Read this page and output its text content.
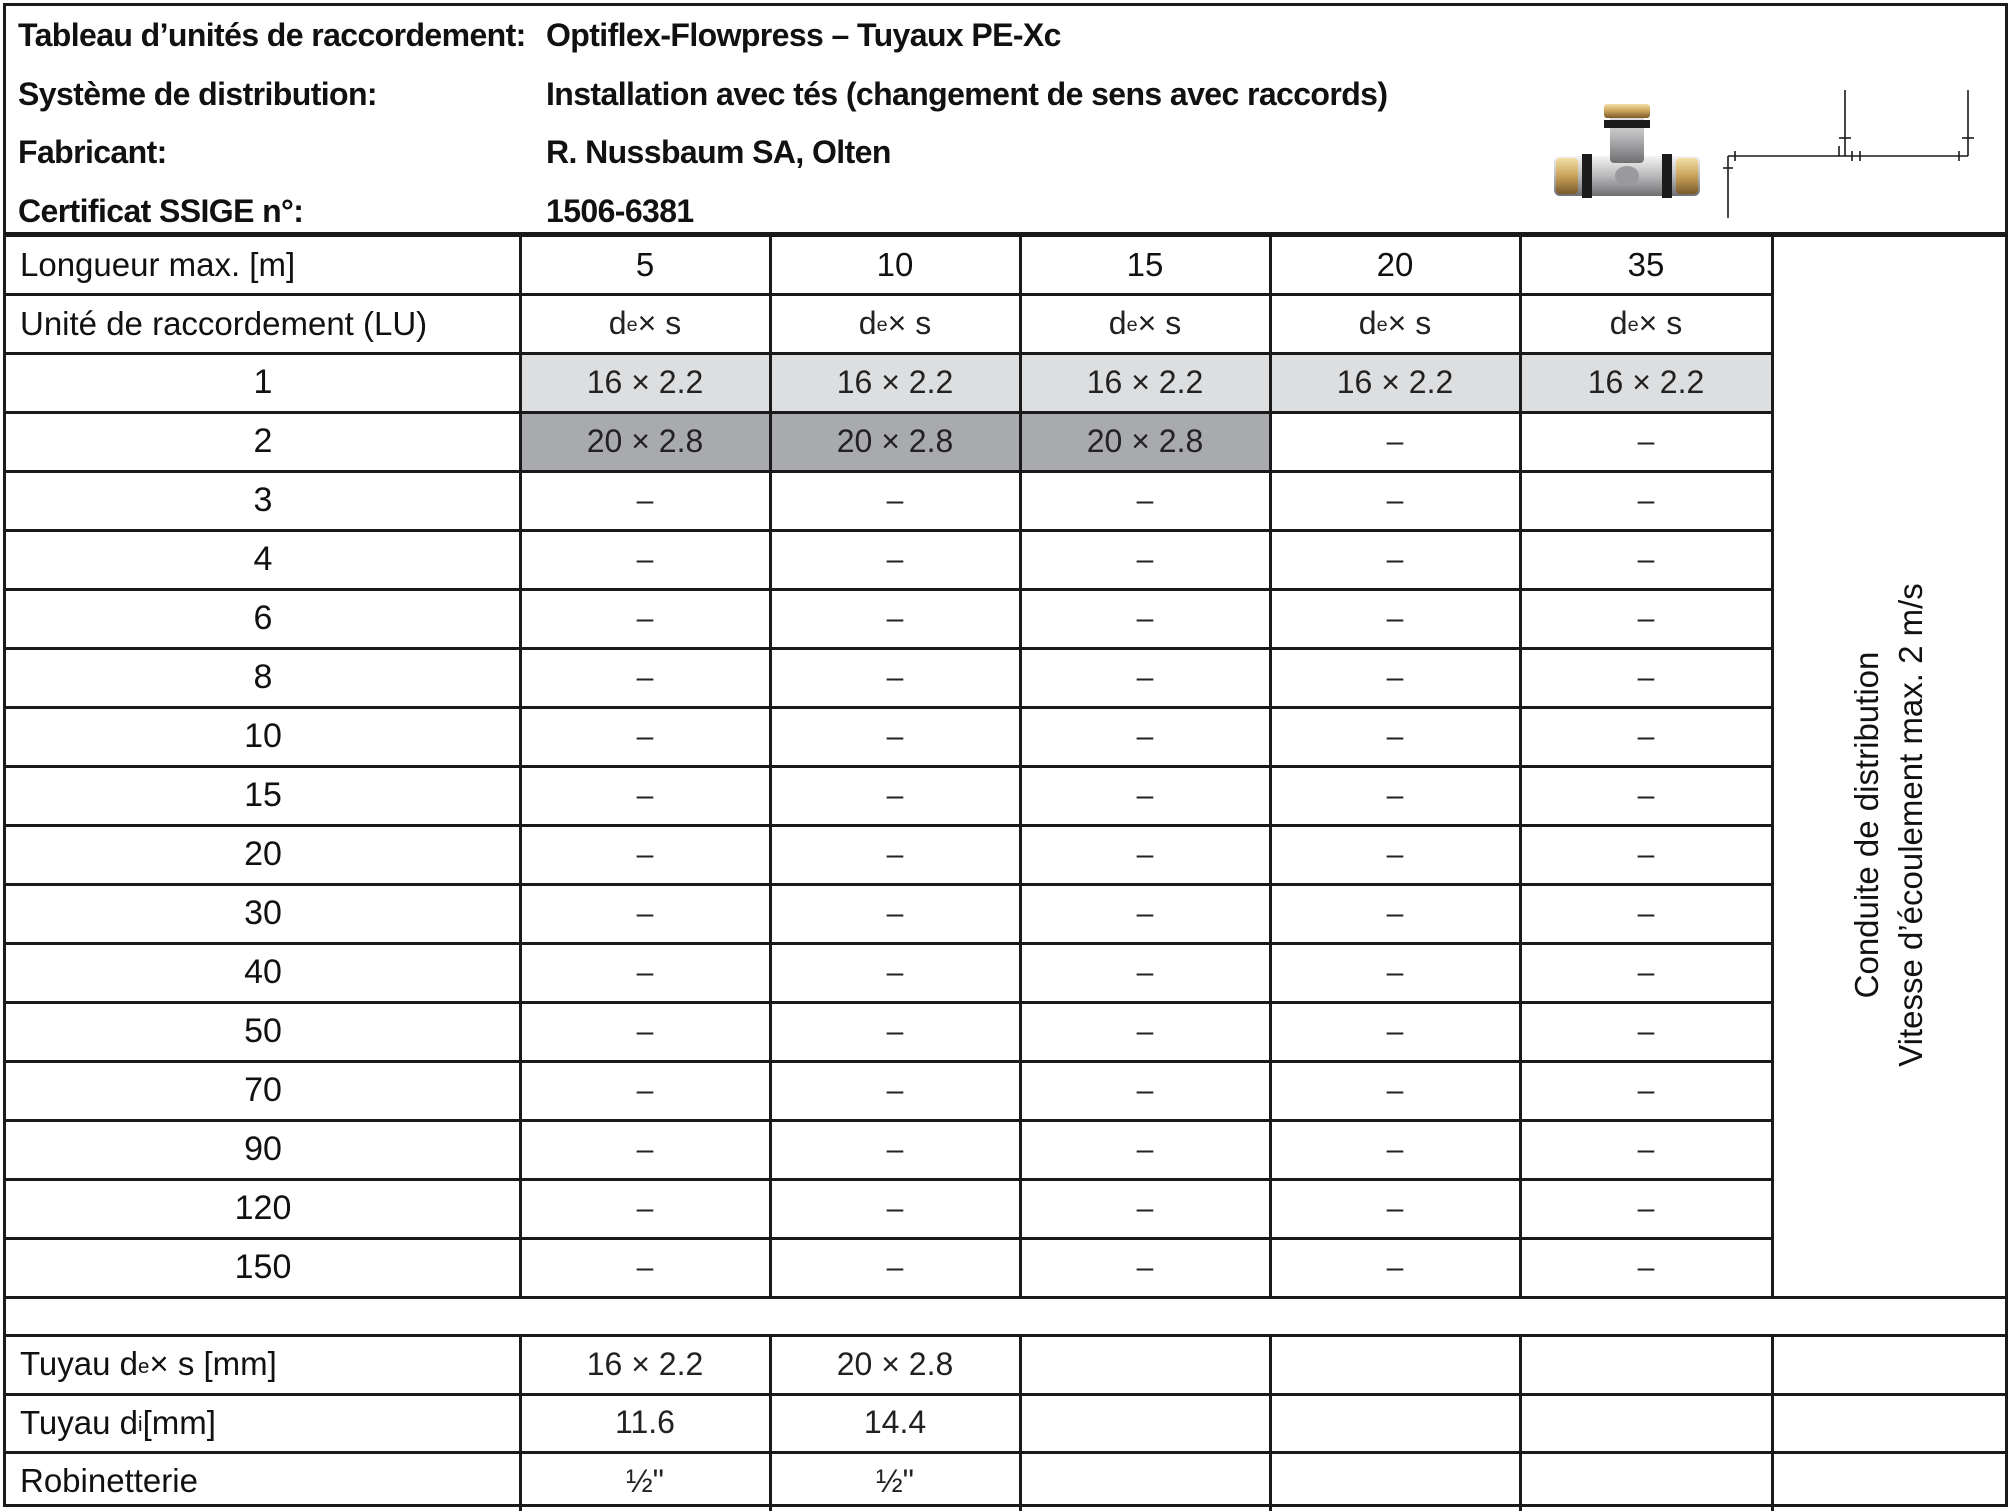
Tableau d’unités de raccordement: Optiflex-Flowpress – Tuyaux PE-Xc
Système de distribution:	Installation avec tés (changement de sens avec raccords)
Fabricant:	R. Nussbaum SA, Olten
Certificat SSIGE n°:	1506-6381
Longueur max. [m]	5	10	15	20	35
Unité de raccordement (LU)	d e × s	d e × s	d e × s	d e × s	d e × s
1	16 × 2.2	16 × 2.2	16 × 2.2	16 × 2.2	16 × 2.2
2	20 × 2.8	20 × 2.8	20 × 2.8	–	–
3	–	–	–	–	–
4	–	–	–	–	–
6	–	–	–	–	–
8	–	–	–	–	–
10	–	–	–	–	–
15	–	–	–	–	–
20	–	–	–	–	–
30	–	–	–	–	–
40	–	–	–	–	–
50	–	–	–	–	–
70	–	–	–	–	–
90	–	–	–	–	–
120	–	–	–	–	–
150	–	–	–	–	–
Tuyau d e × s [mm]	16 × 2.2	20 × 2.8
Tuyau d i [mm]	11.6	14.4
Robinetterie	½"	½"
Conduite de distribution Vitesse d’écoulement max. 2 m/s
